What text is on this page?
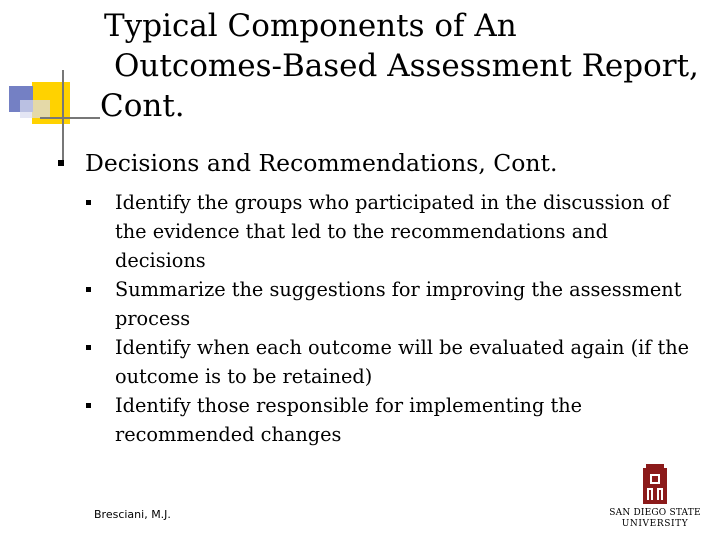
Typical Components of An
Outcomes-Based Assessment Report,
Cont.
Decisions and Recommendations, Cont.
Identify the groups who participated in the discussion of the evidence that led to the recommendations and decisions
Summarize the suggestions for improving the assessment process
Identify when each outcome will be evaluated again (if the outcome is to be retained)
Identify those responsible for implementing the recommended changes
Bresciani, M.J.	SAN DIEGO STATE
UNIVERSITY
